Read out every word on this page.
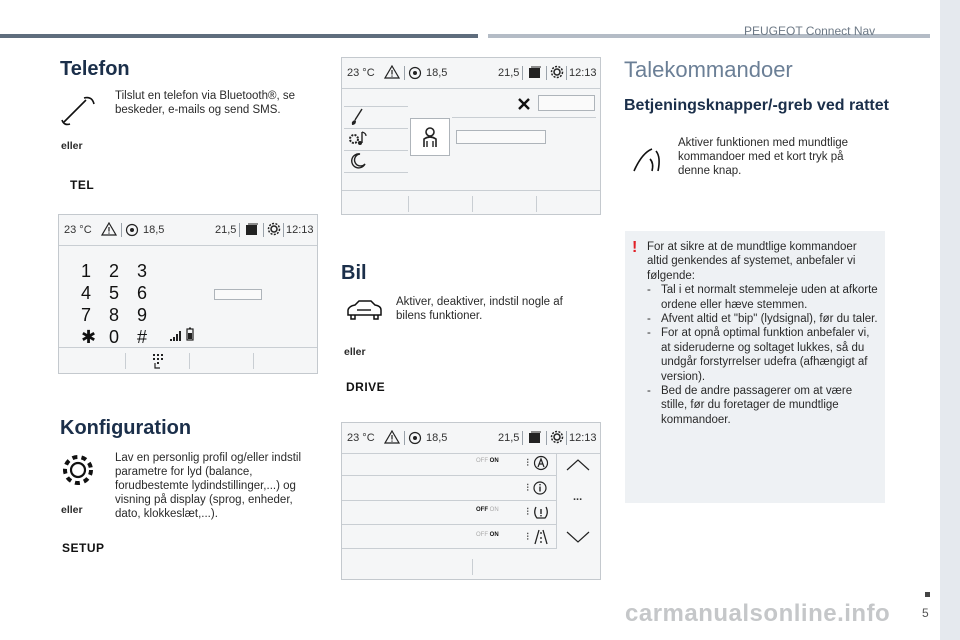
PEUGEOT Connect Nav
Telefon
Tilslut en telefon via Bluetooth®, se beskeder, e-mails og send SMS.
eller
TEL
23 °C	18,5	21,5	12:13
1 2 3
4 5 6
7 8 9
✱ 0 #
Konfiguration
Lav en personlig profil og/eller indstil parametre for lyd (balance, forudbestemte lydindstillinger,...) og visning på display (sprog, enheder, dato, klokkeslæt,...).
eller
SETUP
23 °C	18,5	21,5	12:13
Bil
Aktiver, deaktiver, indstil nogle af bilens funktioner.
eller
DRIVE
23 °C	18,5	21,5	12:13
OFF ON ⁝
⁝
OFF ON ⁝
OFF ON ⁝
...
Talekommandoer
Betjeningsknapper/-greb ved rattet
Aktiver funktionen med mundtlige kommandoer med et kort tryk på denne knap.
! For at sikre at de mundtlige kommandoer altid genkendes af systemet, anbefaler vi følgende:
- Tal i et normalt stemmeleje uden at afkorte ordene eller hæve stemmen.
- Afvent altid et "bip" (lydsignal), før du taler.
- For at opnå optimal funktion anbefaler vi, at sideruderne og soltaget lukkes, så du undgår forstyrrelser udefra (afhængigt af version).
- Bed de andre passagerer om at være stille, før du foretager de mundtlige kommandoer.
carmanualsonline.info	5
